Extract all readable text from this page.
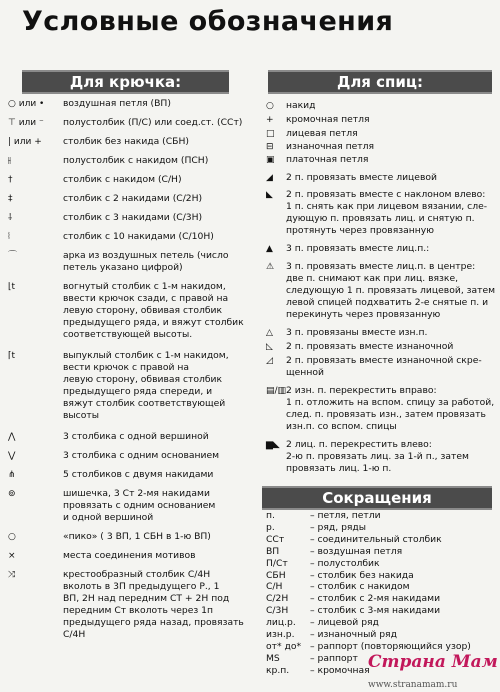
Условные обозначения
Для крючка:	Для спиц:
○ или •	воздушная петля (ВП)
⊤ или ⁻	полустолбик (П/С) или соед.ст. (ССт)
| или +	столбик без накида (СБН)
⫲	полустолбик с накидом (ПСН)
†	столбик с накидом (С/Н)
‡	столбик с 2 накидами (С/2Н)
⸸	столбик с 3 накидами (С/3Н)
⦚	столбик с 10 накидами (С/10Н)
⌒	арка из воздушных петель (число
петель указано цифрой)
⌊t	вогнутый столбик с 1-м накидом,
ввести крючок сзади, с правой на
левую сторону, обвивая столбик
предыдущего ряда, и вяжут столбик
соответствующей высоты.
⌈t	выпуклый столбик с 1-м накидом,
вести крючок с правой на
левую сторону, обвивая столбик
предыдущего ряда спереди, и
вяжут столбик соответствующей
высоты
⋀	3 столбика с одной вершиной
⋁	3 столбика с одним основанием
⋔	5 столбиков с двумя накидами
⊚	шишечка, 3 Ст 2-мя накидами
провязать с одним основанием
и одной вершиной
○	«пико» ( 3 ВП, 1 СБН в 1-ю ВП)
×	места соединения мотивов
⤨	крестообразный столбик С/4Н
вколоть в 3П предыдущего Р., 1
ВП, 2Н над передним СТ + 2Н под
передним Ст вколоть через 1п
предыдущего ряда назад, провязать
С/4Н
○	накид
+	кромочная петля
□	лицевая петля
⊟	изнаночная петля
▣	платочная петля
◢	2 п. провязать вместе лицевой
◣	2 п. провязать вместе с наклоном влево:
1 п. снять как при лицевом вязании, сле-
дующую п. провязать лиц. и снятую п.
протянуть через провязанную
▲	3 п. провязать вместе лиц.п.:
⚠	3 п. провязать вместе лиц.п. в центре:
две п. снимают как при лиц. вязке,
следующую 1 п. провязать лицевой, затем
левой спицей подхватить 2-е снятые п. и
перекинуть через провязанную
△	3 п. провязаны вместе изн.п.
◺	2 п. провязать вместе изнаночной
◿	2 п. провязать вместе изнаночной скре-
щенной
▤/▥ 2 изн. п. перекрестить вправо:
1 п. отложить на вспом. спицу за работой,
след. п. провязать изн., затем провязать
изн.п. со вспом. спицы
▆◣ 2 лиц. п. перекрестить влево:
2-ю п. провязать лиц. за 1-й п., затем
провязать лиц. 1-ю п.
Сокращения
п.	– петля, петли
р.	– ряд, ряды
ССт	– соединительный столбик
ВП	– воздушная петля
П/Ст – полустолбик
СБН	– столбик без накида
С/Н	– столбик с накидом
С/2Н – столбик с 2-мя накидами
С/3Н – столбик с 3-мя накидами
лиц.р. – лицевой ряд
изн.р. – изнаночный ряд
от* до* – раппорт (повторяющийся узор)
MS	– раппорт
кр.п. – кромочная
Страна Мам
www.stranamam.ru
